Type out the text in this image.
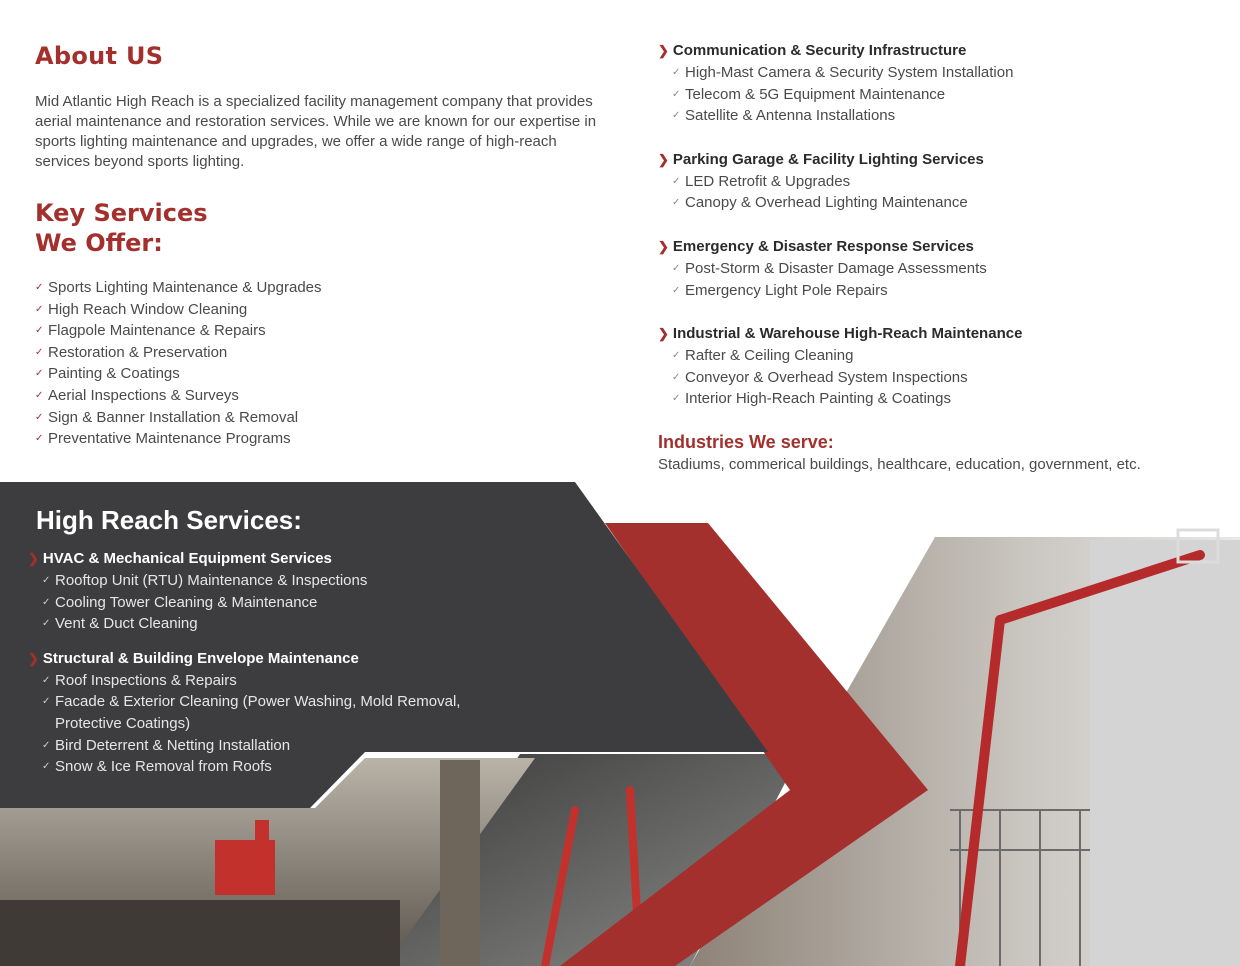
About US

Mid Atlantic High Reach is a specialized facility management company that provides aerial maintenance and restoration services. While we are known for our expertise in sports lighting maintenance and upgrades, we offer a wide range of high-reach services beyond sports lighting.

Key Services
We Offer:
✓ Sports Lighting Maintenance & Upgrades
✓ High Reach Window Cleaning
✓ Flagpole Maintenance & Repairs
✓ Restoration & Preservation
✓ Painting & Coatings
✓ Aerial Inspections & Surveys
✓ Sign & Banner Installation & Removal
✓ Preventative Maintenance Programs
❯ Communication & Security Infrastructure
✓ High-Mast Camera & Security System Installation
✓ Telecom & 5G Equipment Maintenance
✓ Satellite & Antenna Installations
❯ Parking Garage & Facility Lighting Services
✓ LED Retrofit & Upgrades
✓ Canopy & Overhead Lighting Maintenance
❯ Emergency & Disaster Response Services
✓ Post-Storm & Disaster Damage Assessments
✓ Emergency Light Pole Repairs
❯ Industrial & Warehouse High-Reach Maintenance
✓ Rafter & Ceiling Cleaning
✓ Conveyor & Overhead System Inspections
✓ Interior High-Reach Painting & Coatings
Industries We serve:
Stadiums, commerical buildings, healthcare, education, government, etc.
High Reach Services:
❯ HVAC & Mechanical Equipment Services
✓ Rooftop Unit (RTU) Maintenance & Inspections
✓ Cooling Tower Cleaning & Maintenance
✓ Vent & Duct Cleaning
❯ Structural & Building Envelope Maintenance
✓ Roof Inspections & Repairs
✓ Facade & Exterior Cleaning (Power Washing, Mold Removal,
Protective Coatings)
✓ Bird Deterrent & Netting Installation
✓ Snow & Ice Removal from Roofs
